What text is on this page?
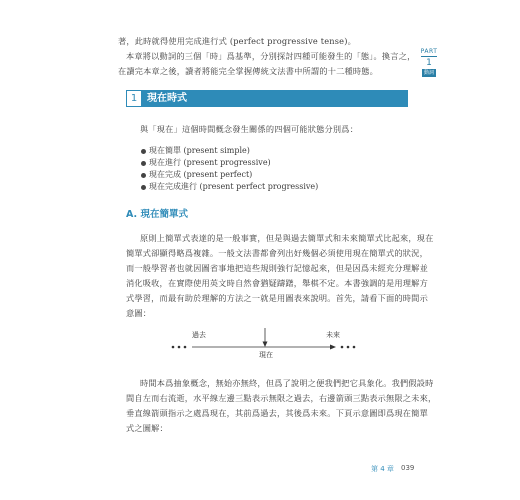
著，此時就得使用完成進行式 (perfect progressive tense)。
本章將以動詞的三個「時」爲基準，分別探討四種可能發生的「態」。換言之，
在讀完本章之後，讀者將能完全掌握傳統文法書中所謂的十二種時態。
PART
1
動詞
1 現在時式
與「現在」這個時間概念發生關係的四個可能狀態分別爲：
現在簡單 (present simple)
現在進行 (present progressive)
現在完成 (present perfect)
現在完成進行 (present perfect progressive)
A. 現在簡單式
原則上簡單式表達的是一般事實，但是與過去簡單式和未來簡單式比起來，現在
簡單式卻顯得略爲複雜。一般文法書都會列出好幾個必須使用現在簡單式的狀況，
而一般學習者也就因圖省事地把這些規則強行記憶起來，但是因爲未經充分理解並
消化吸收，在實際使用英文時自然會猶疑躊躇，舉棋不定。本書強調的是用理解方
式學習，而最有助於理解的方法之一就是用圖表來說明。首先，請看下面的時間示
意圖：
過去	未來
現在
時間本爲抽象概念，無始亦無終，但爲了說明之便我們把它具象化。我們假設時
間自左而右流逝，水平線左邊三點表示無限之過去，右邊箭頭三點表示無限之未來，
垂直線箭頭指示之處爲現在，其前爲過去，其後爲未來。下頁示意圖即爲現在簡單
式之圖解：
第 4 章 039
